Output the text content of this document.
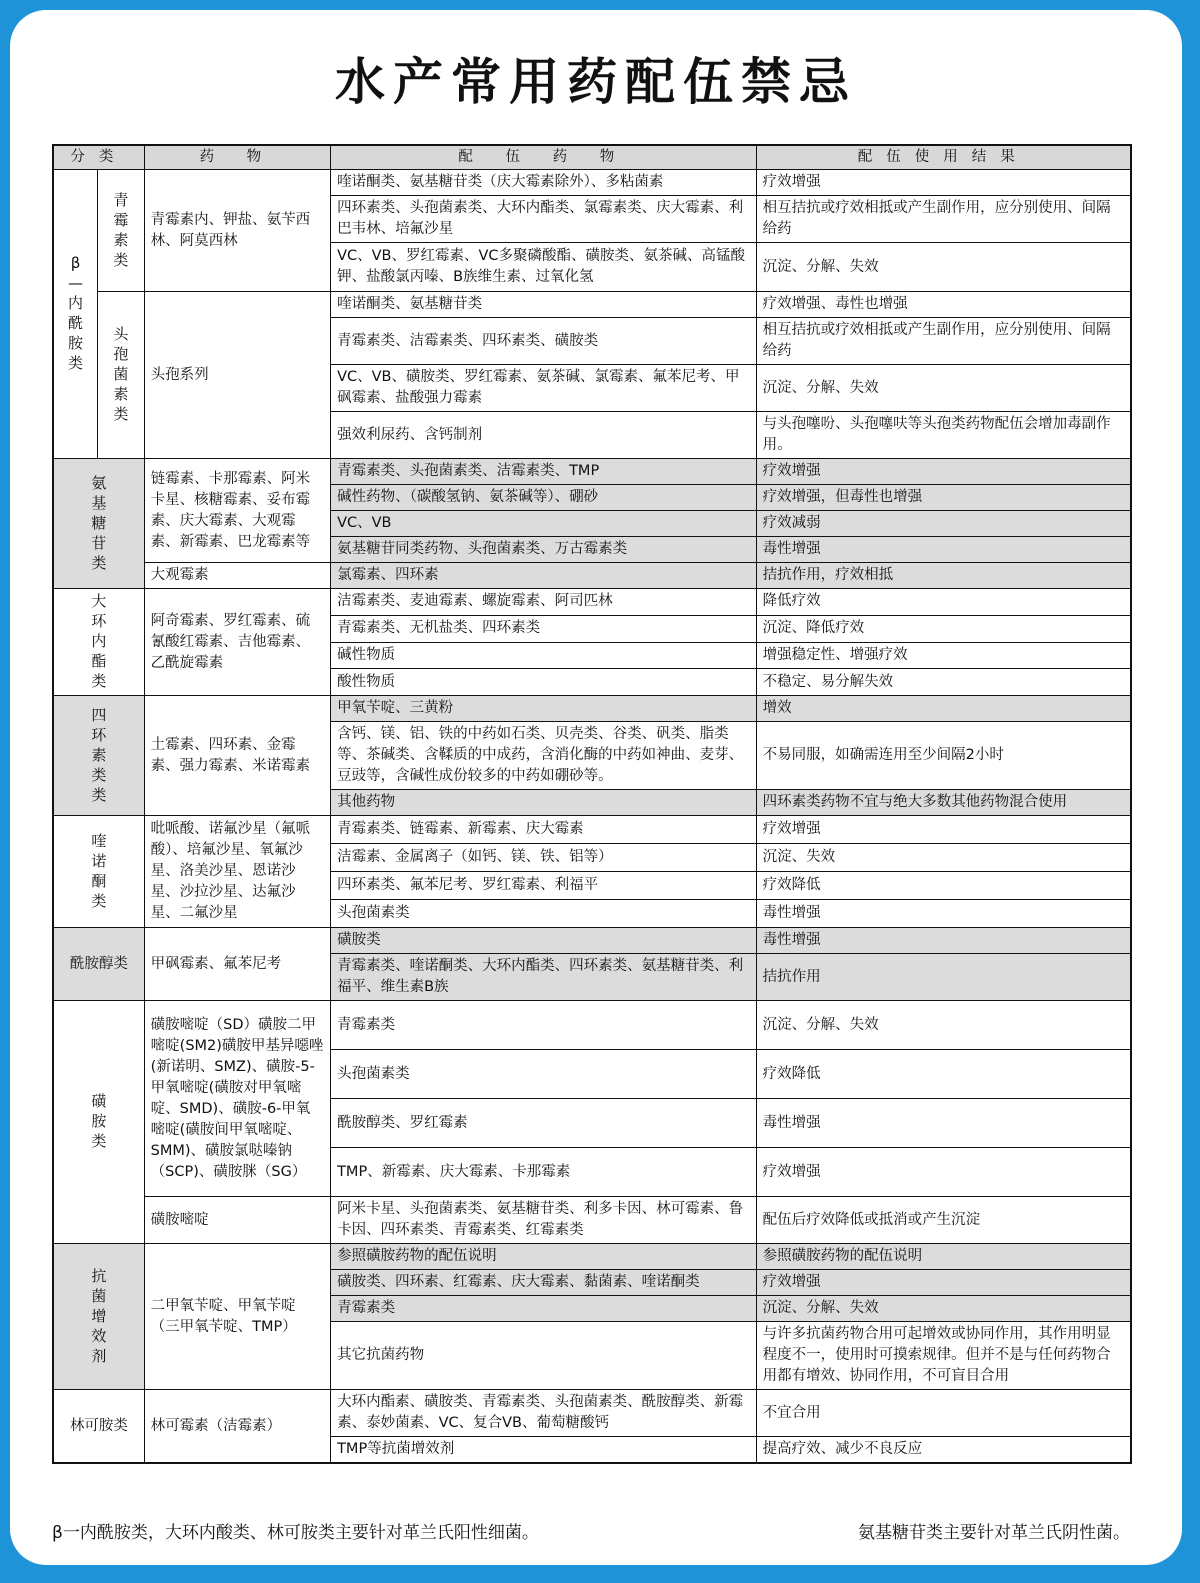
水产常用药配伍禁忌
分类		药 物	配 伍 药 物	配伍使用结果
β—内酰胺类	青霉素类	青霉素内、钾盐、氨苄西林、阿莫西林	喹诺酮类、氨基糖苷类（庆大霉素除外）、多粘菌素	疗效增强
			四环素类、头孢菌素类、大环内酯类、氯霉素类、庆大霉素、利巴韦林、培氟沙星	相互拮抗或疗效相抵或产生副作用，应分别使用、间隔给药
			VC、VB、罗红霉素、VC多聚磷酸酯、磺胺类、氨茶碱、高锰酸钾、盐酸氯丙嗪、B族维生素、过氧化氢	沉淀、分解、失效
	头孢菌素类	头孢系列	喹诺酮类、氨基糖苷类	疗效增强、毒性也增强
			青霉素类、洁霉素类、四环素类、磺胺类	相互拮抗或疗效相抵或产生副作用，应分别使用、间隔给药
			VC、VB、磺胺类、罗红霉素、氨茶碱、氯霉素、氟苯尼考、甲砜霉素、盐酸强力霉素	沉淀、分解、失效
			强效利尿药、含钙制剂	与头孢噻吩、头孢噻呋等头孢类药物配伍会增加毒副作用。
氨基糖苷类		链霉素、卡那霉素、阿米卡星、核糖霉素、妥布霉素、庆大霉素、大观霉素、新霉素、巴龙霉素等	青霉素类、头孢菌素类、洁霉素类、TMP	疗效增强
			碱性药物、（碳酸氢钠、氨茶碱等）、硼砂	疗效增强，但毒性也增强
			VC、VB	疗效减弱
			氨基糖苷同类药物、头孢菌素类、万古霉素类	毒性增强
		大观霉素	氯霉素、四环素	拮抗作用，疗效相抵
大环内酯类		阿奇霉素、罗红霉素、硫氰酸红霉素、吉他霉素、乙酰旋霉素	洁霉素类、麦迪霉素、螺旋霉素、阿司匹林	降低疗效
			青霉素类、无机盐类、四环素类	沉淀、降低疗效
			碱性物质	增强稳定性、增强疗效
			酸性物质	不稳定、易分解失效
四环素类类		土霉素、四环素、金霉素、强力霉素、米诺霉素	甲氧苄啶、三黄粉	增效
			含钙、镁、铝、铁的中药如石类、贝壳类、谷类、矾类、脂类等、茶碱类、含鞣质的中成药，含消化酶的中药如神曲、麦芽、豆豉等，含碱性成份较多的中药如硼砂等。	不易同服，如确需连用至少间隔2小时
			其他药物	四环素类药物不宜与绝大多数其他药物混合使用
喹诺酮类		吡哌酸、诺氟沙星（氟哌酸）、培氟沙星、氧氟沙星、洛美沙星、恩诺沙星、沙拉沙星、达氟沙星、二氟沙星	青霉素类、链霉素、新霉素、庆大霉素	疗效增强
			洁霉素、金属离子（如钙、镁、铁、铝等）	沉淀、失效
			四环素类、氟苯尼考、罗红霉素、利福平	疗效降低
			头孢菌素类	毒性增强
酰胺醇类		甲砜霉素、氟苯尼考	磺胺类	毒性增强
			青霉素类、喹诺酮类、大环内酯类、四环素类、氨基糖苷类、利福平、维生素B族	拮抗作用
磺胺类		磺胺嘧啶（SD）磺胺二甲嘧啶(SM2)磺胺甲基异噁唑(新诺明、SMZ)、磺胺-5-甲氧嘧啶(磺胺对甲氧嘧啶、SMD)、磺胺-6-甲氧嘧啶(磺胺间甲氧嘧啶、SMM)、磺胺氯哒嗪钠（SCP)、磺胺脒（SG）	青霉素类	沉淀、分解、失效
			头孢菌素类	疗效降低
			酰胺醇类、罗红霉素	毒性增强
			TMP、新霉素、庆大霉素、卡那霉素	疗效增强
		磺胺嘧啶	阿米卡星、头孢菌素类、氨基糖苷类、利多卡因、林可霉素、鲁卡因、四环素类、青霉素类、红霉素类	配伍后疗效降低或抵消或产生沉淀
抗菌增效剂		二甲氧苄啶、甲氧苄啶（三甲氧苄啶、TMP）	参照磺胺药物的配伍说明	参照磺胺药物的配伍说明
			磺胺类、四环素、红霉素、庆大霉素、黏菌素、喹诺酮类	疗效增强
			青霉素类	沉淀、分解、失效
			其它抗菌药物	与许多抗菌药物合用可起增效或协同作用，其作用明显程度不一，使用时可摸索规律。但并不是与任何药物合用都有增效、协同作用，不可盲目合用
林可胺类		林可霉素（洁霉素）	大环内酯素、磺胺类、青霉素类、头孢菌素类、酰胺醇类、新霉素、泰妙菌素、VC、复合VB、葡萄糖酸钙	不宜合用
			TMP等抗菌增效剂	提高疗效、减少不良反应
β一内酰胺类，大环内酸类、林可胺类主要针对革兰氏阳性细菌。	氨基糖苷类主要针对革兰氏阴性菌。
